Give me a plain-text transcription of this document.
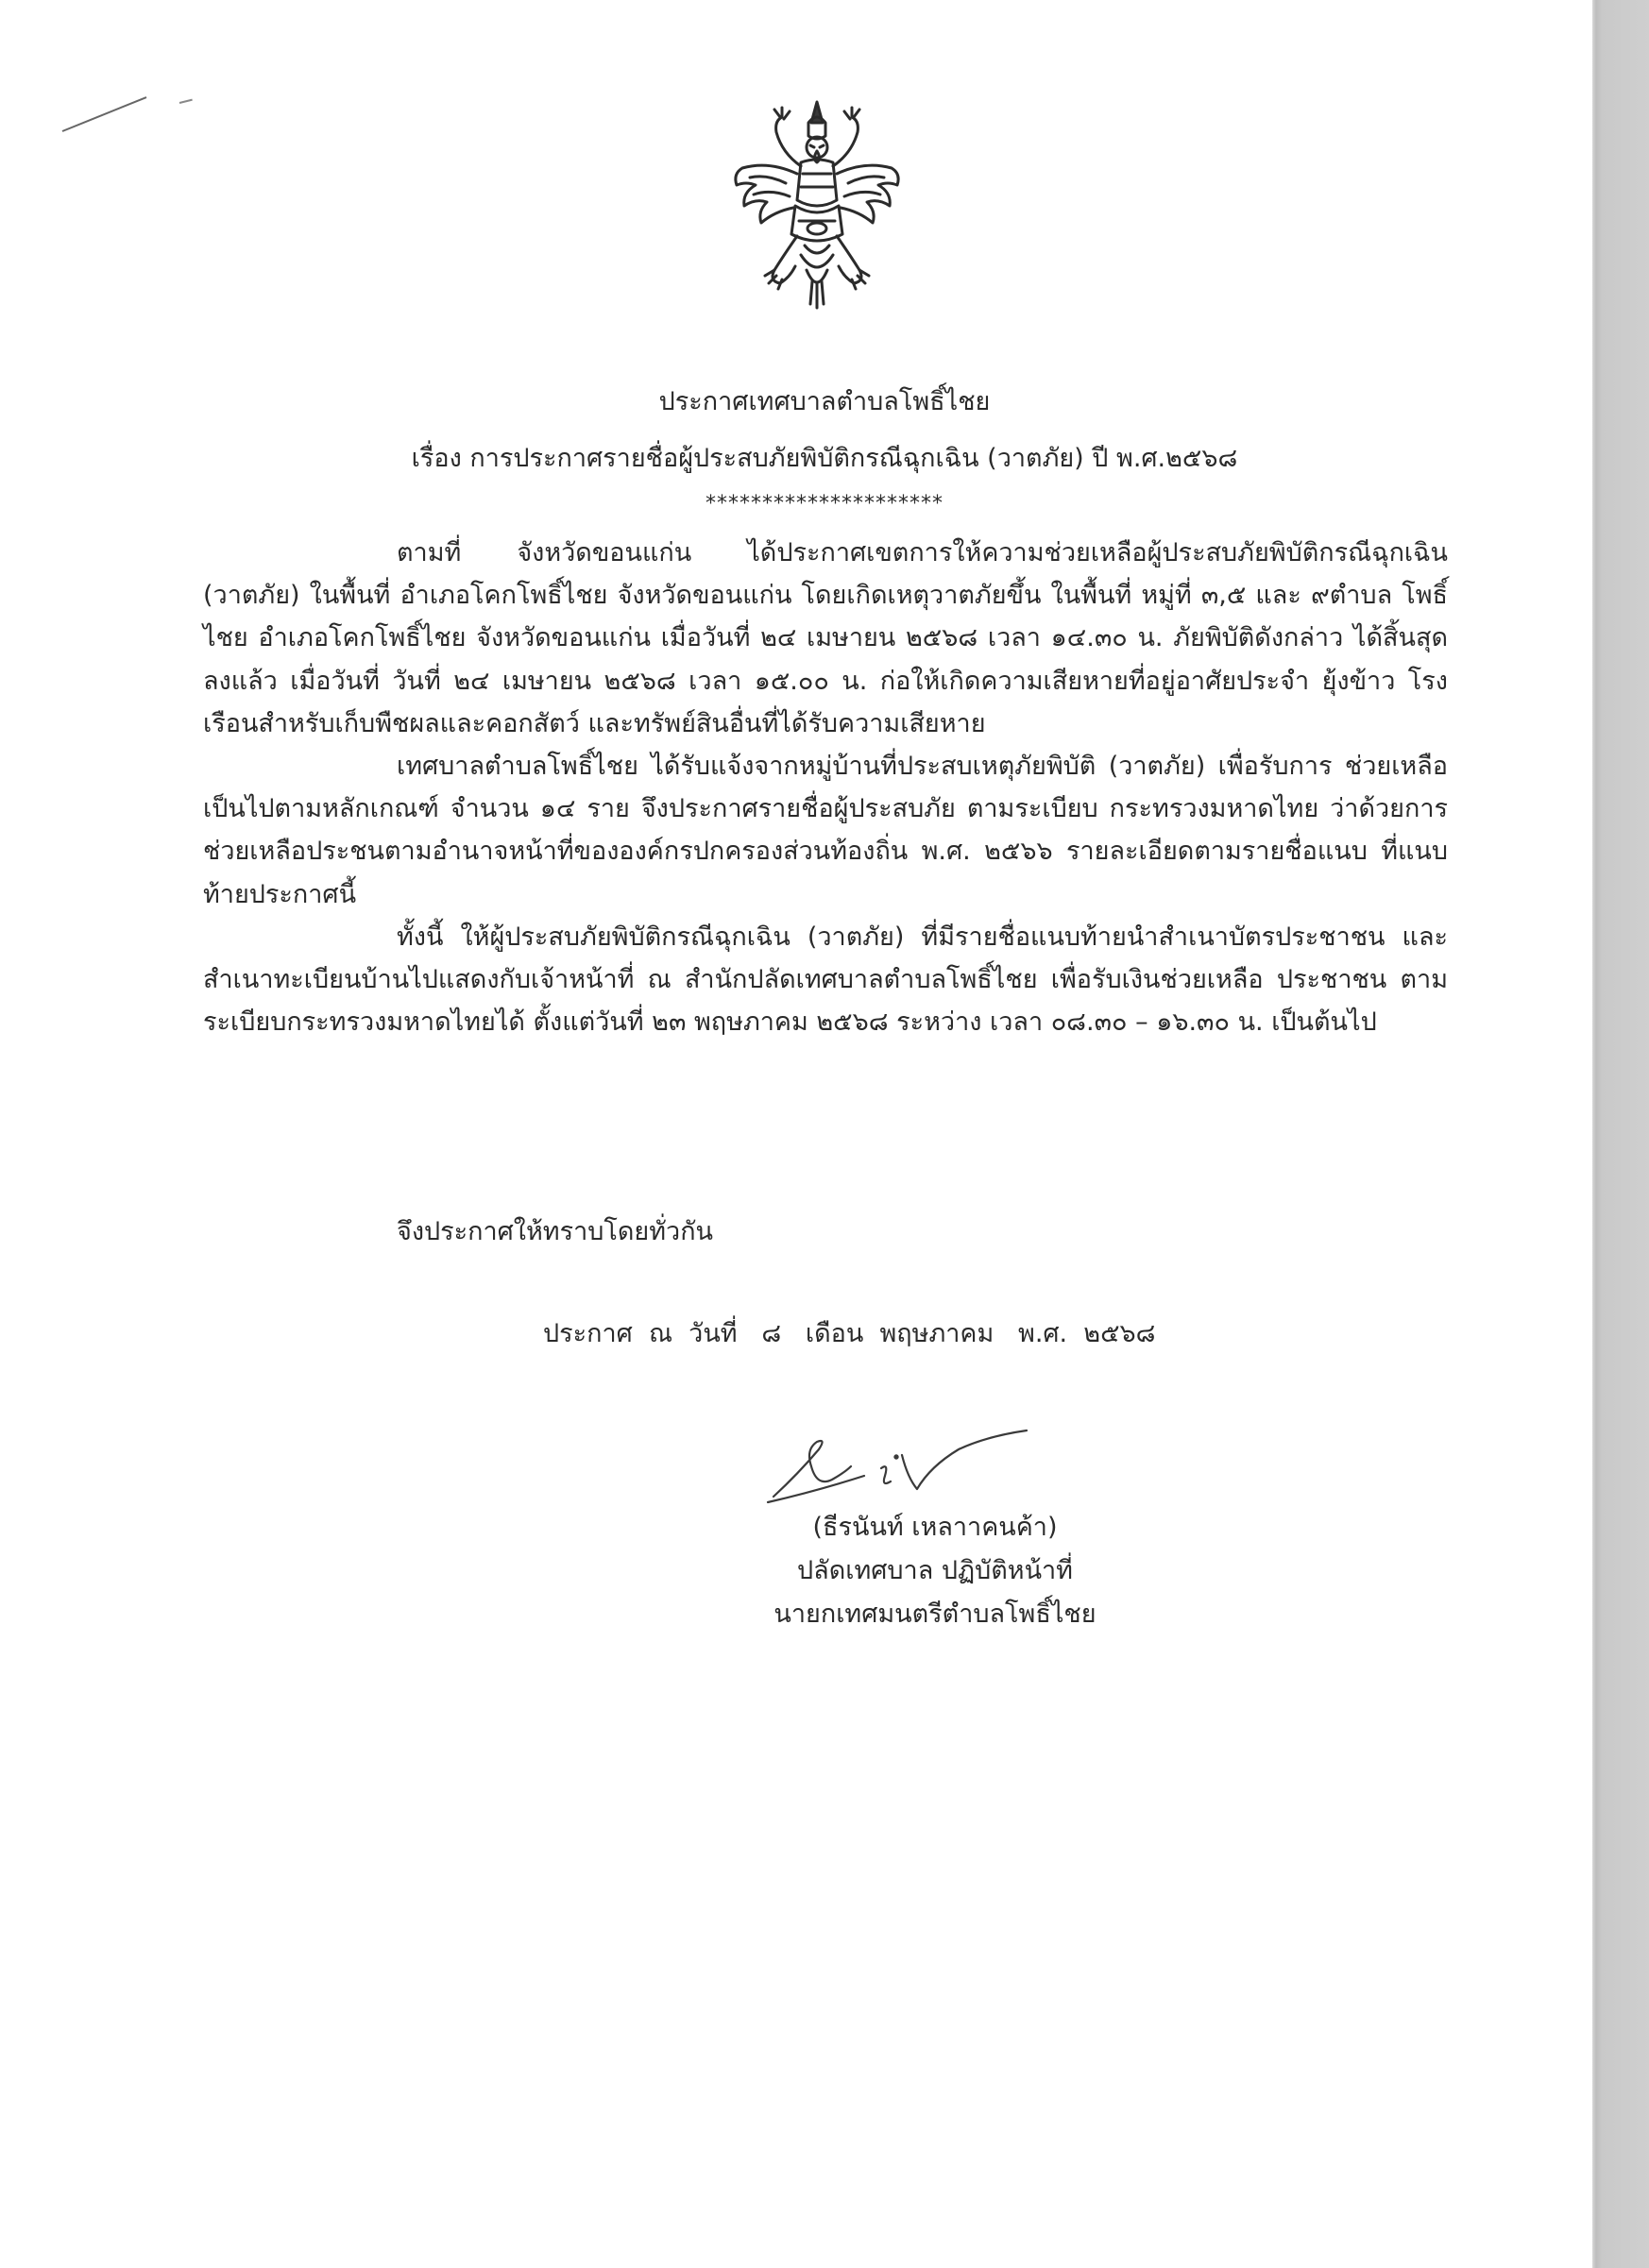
ประกาศเทศบาลตำบลโพธิ์ไชย
เรื่อง การประกาศรายชื่อผู้ประสบภัยพิบัติกรณีฉุกเฉิน (วาตภัย) ปี พ.ศ.๒๕๖๘
*********************

ตามที่ จังหวัดขอนแก่น ได้ประกาศเขตการให้ความช่วยเหลือผู้ประสบภัยพิบัติกรณีฉุกเฉิน (วาตภัย) ในพื้นที่ อำเภอโคกโพธิ์ไชย จังหวัดขอนแก่น โดยเกิดเหตุวาตภัยขึ้น ในพื้นที่ หมู่ที่ ๓,๕ และ ๙ตำบล โพธิ์ไชย อำเภอโคกโพธิ์ไชย จังหวัดขอนแก่น เมื่อวันที่ ๒๔ เมษายน ๒๕๖๘ เวลา ๑๔.๓๐ น. ภัยพิบัติดังกล่าว ได้สิ้นสุดลงแล้ว เมื่อวันที่ วันที่ ๒๔ เมษายน ๒๕๖๘ เวลา ๑๕.๐๐ น. ก่อให้เกิดความเสียหายที่อยู่อาศัยประจำ ยุ้งข้าว โรงเรือนสำหรับเก็บพืชผลและคอกสัตว์ และทรัพย์สินอื่นที่ได้รับความเสียหาย

เทศบาลตำบลโพธิ์ไชย ได้รับแจ้งจากหมู่บ้านที่ประสบเหตุภัยพิบัติ (วาตภัย) เพื่อรับการ ช่วยเหลือเป็นไปตามหลักเกณฑ์ จำนวน ๑๔ ราย จึงประกาศรายชื่อผู้ประสบภัย ตามระเบียบ กระทรวงมหาดไทย ว่าด้วยการช่วยเหลือประชนตามอำนาจหน้าที่ขององค์กรปกครองส่วนท้องถิ่น พ.ศ. ๒๕๖๖ รายละเอียดตามรายชื่อแนบ ที่แนบท้ายประกาศนี้

ทั้งนี้ ให้ผู้ประสบภัยพิบัติกรณีฉุกเฉิน (วาตภัย) ที่มีรายชื่อแนบท้ายนำสำเนาบัตรประชาชน และสำเนาทะเบียนบ้านไปแสดงกับเจ้าหน้าที่ ณ สำนักปลัดเทศบาลตำบลโพธิ์ไชย เพื่อรับเงินช่วยเหลือ ประชาชน ตามระเบียบกระทรวงมหาดไทยได้ ตั้งแต่วันที่ ๒๓ พฤษภาคม ๒๕๖๘ ระหว่าง เวลา ๐๘.๓๐ – ๑๖.๓๐ น. เป็นต้นไป

จึงประกาศให้ทราบโดยทั่วกัน
ประกาศ  ณ  วันที่   ๘   เดือน  พฤษภาคม   พ.ศ.  ๒๕๖๘
(ธีรนันท์ เหลาาคนค้า)
ปลัดเทศบาล ปฏิบัติหน้าที่
นายกเทศมนตรีตำบลโพธิ์ไชย
